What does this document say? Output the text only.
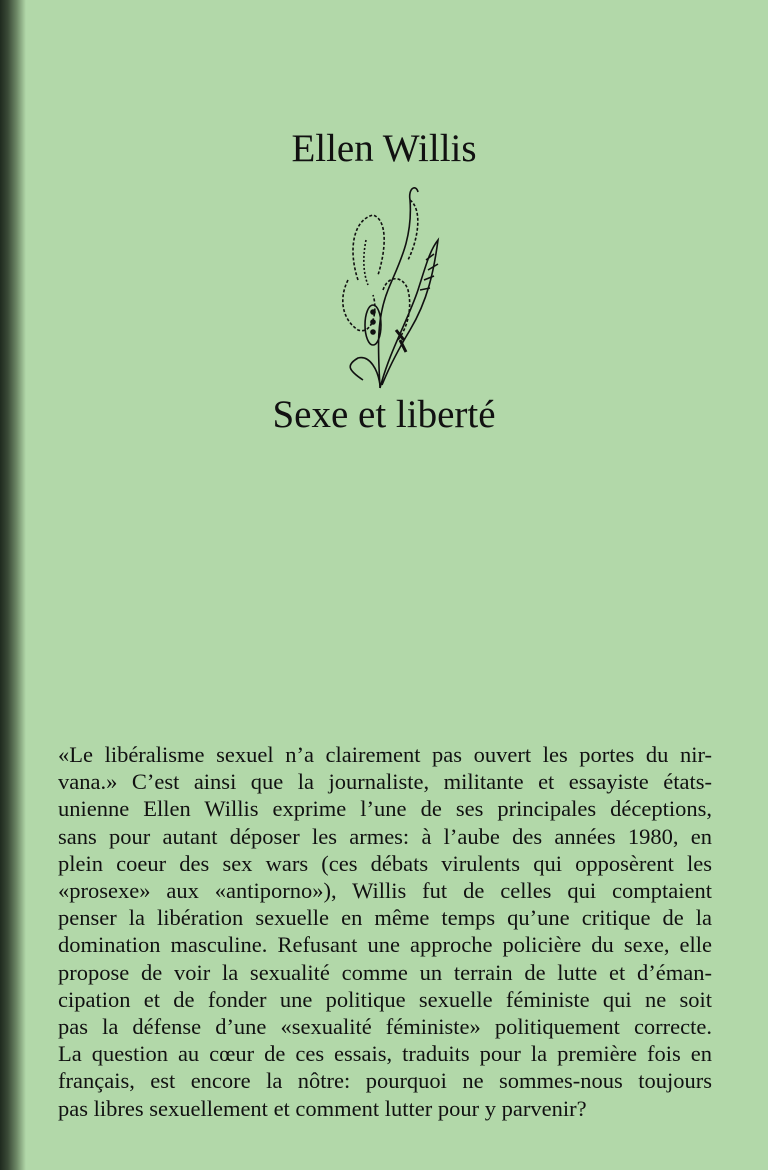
Ellen Willis
Sexe et liberté
«Le libéralisme sexuel n’a clairement pas ouvert les portes du nir-
vana.» C’est ainsi que la journaliste, militante et essayiste états-
unienne Ellen Willis exprime l’une de ses principales déceptions,
sans pour autant déposer les armes: à l’aube des années 1980, en
plein coeur des sex wars (ces débats virulents qui opposèrent les
«prosexe» aux «antiporno»), Willis fut de celles qui comptaient
penser la libération sexuelle en même temps qu’une critique de la
domination masculine. Refusant une approche policière du sexe, elle
propose de voir la sexualité comme un terrain de lutte et d’éman-
cipation et de fonder une politique sexuelle féministe qui ne soit
pas la défense d’une «sexualité féministe» politiquement correcte.
La question au cœur de ces essais, traduits pour la première fois en
français, est encore la nôtre: pourquoi ne sommes-nous toujours
pas libres sexuellement et comment lutter pour y parvenir?
